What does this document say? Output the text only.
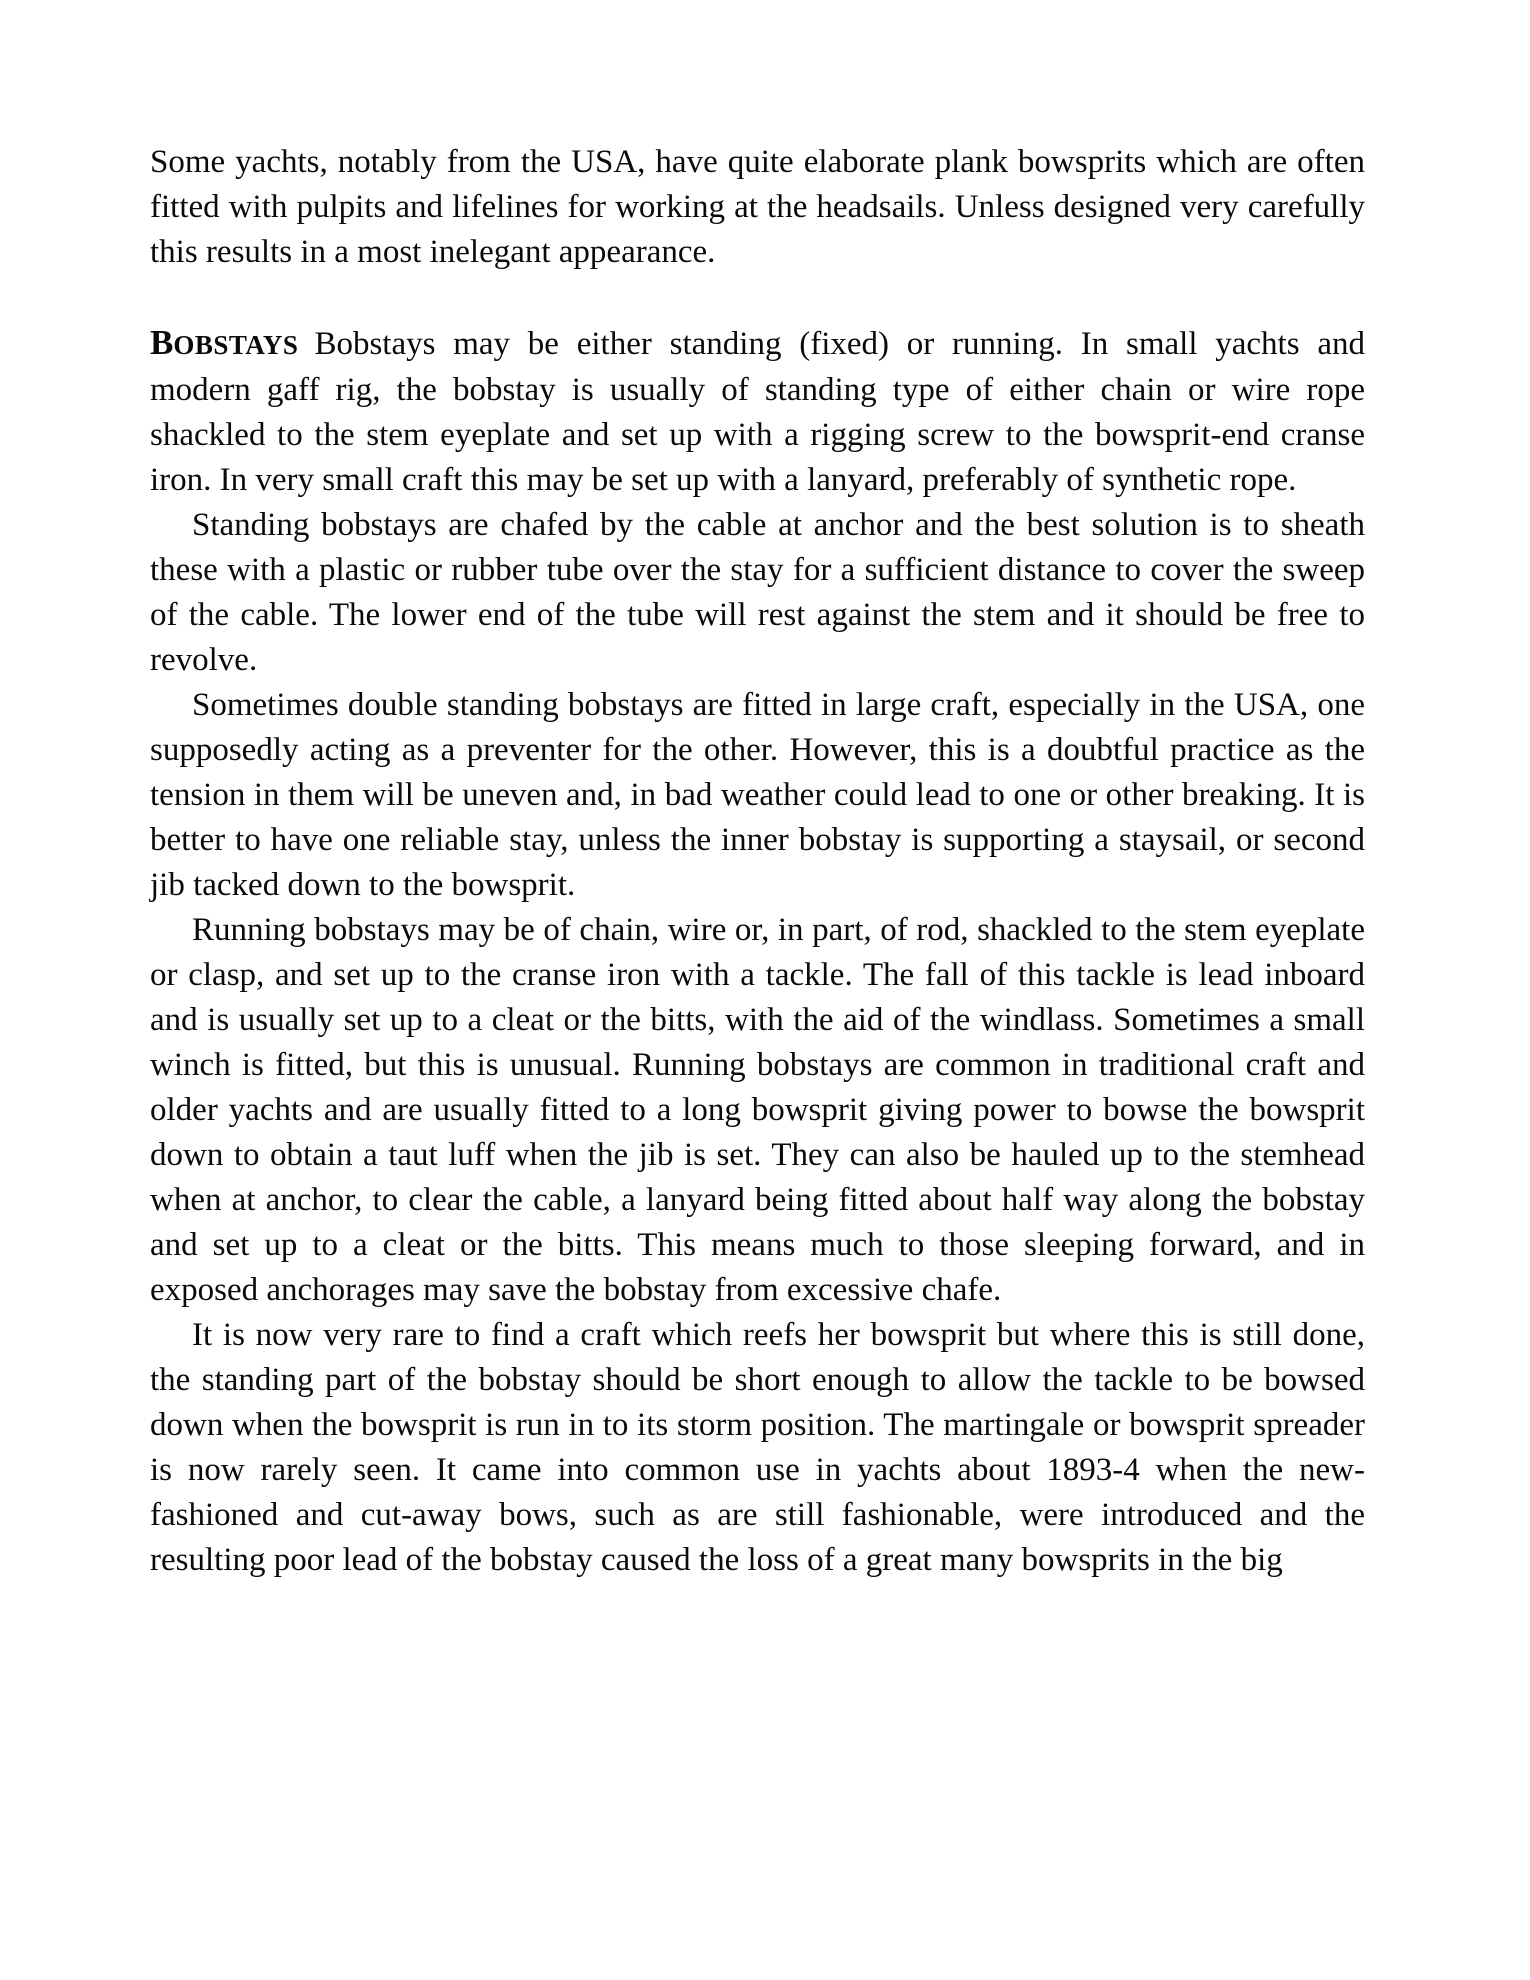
Some yachts, notably from the USA, have quite elaborate plank bowsprits which are often fitted with pulpits and lifelines for working at the headsails. Unless designed very carefully this results in a most inelegant appearance.

BOBSTAYS Bobstays may be either standing (fixed) or running. In small yachts and modern gaff rig, the bobstay is usually of standing type of either chain or wire rope shackled to the stem eyeplate and set up with a rigging screw to the bowsprit-end cranse iron. In very small craft this may be set up with a lanyard, preferably of synthetic rope.

Standing bobstays are chafed by the cable at anchor and the best solution is to sheath these with a plastic or rubber tube over the stay for a sufficient distance to cover the sweep of the cable. The lower end of the tube will rest against the stem and it should be free to revolve.

Sometimes double standing bobstays are fitted in large craft, especially in the USA, one supposedly acting as a preventer for the other. However, this is a doubtful practice as the tension in them will be uneven and, in bad weather could lead to one or other breaking. It is better to have one reliable stay, unless the inner bobstay is supporting a staysail, or second jib tacked down to the bowsprit.

Running bobstays may be of chain, wire or, in part, of rod, shackled to the stem eyeplate or clasp, and set up to the cranse iron with a tackle. The fall of this tackle is lead inboard and is usually set up to a cleat or the bitts, with the aid of the windlass. Sometimes a small winch is fitted, but this is unusual. Running bobstays are common in traditional craft and older yachts and are usually fitted to a long bowsprit giving power to bowse the bowsprit down to obtain a taut luff when the jib is set. They can also be hauled up to the stemhead when at anchor, to clear the cable, a lanyard being fitted about half way along the bobstay and set up to a cleat or the bitts. This means much to those sleeping forward, and in exposed anchorages may save the bobstay from excessive chafe.

It is now very rare to find a craft which reefs her bowsprit but where this is still done, the standing part of the bobstay should be short enough to allow the tackle to be bowsed down when the bowsprit is run in to its storm position. The martingale or bowsprit spreader is now rarely seen. It came into common use in yachts about 1893-4 when the new-fashioned and cut-away bows, such as are still fashionable, were introduced and the resulting poor lead of the bobstay caused the loss of a great many bowsprits in the big
